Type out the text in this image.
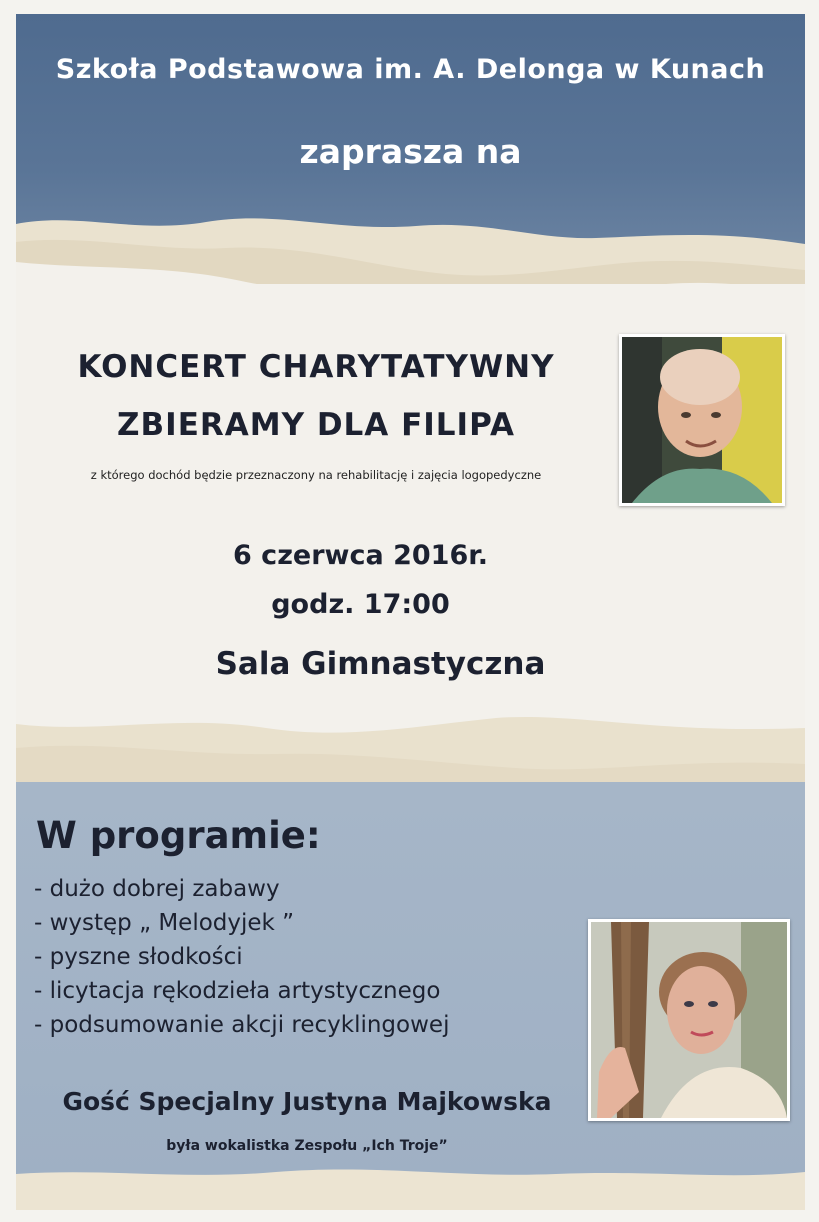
Szkoła Podstawowa im. A. Delonga w Kunach
zaprasza na
KONCERT CHARYTATYWNY
ZBIERAMY DLA FILIPA
z którego dochód będzie przeznaczony na rehabilitację i zajęcia logopedyczne
6 czerwca 2016r.
godz. 17:00
Sala Gimnastyczna
W programie:
- dużo dobrej zabawy
- występ „ Melodyjek ”
- pyszne słodkości
- licytacja rękodzieła artystycznego
- podsumowanie akcji recyklingowej
Gość Specjalny Justyna Majkowska
była wokalistka Zespołu „Ich Troje”
